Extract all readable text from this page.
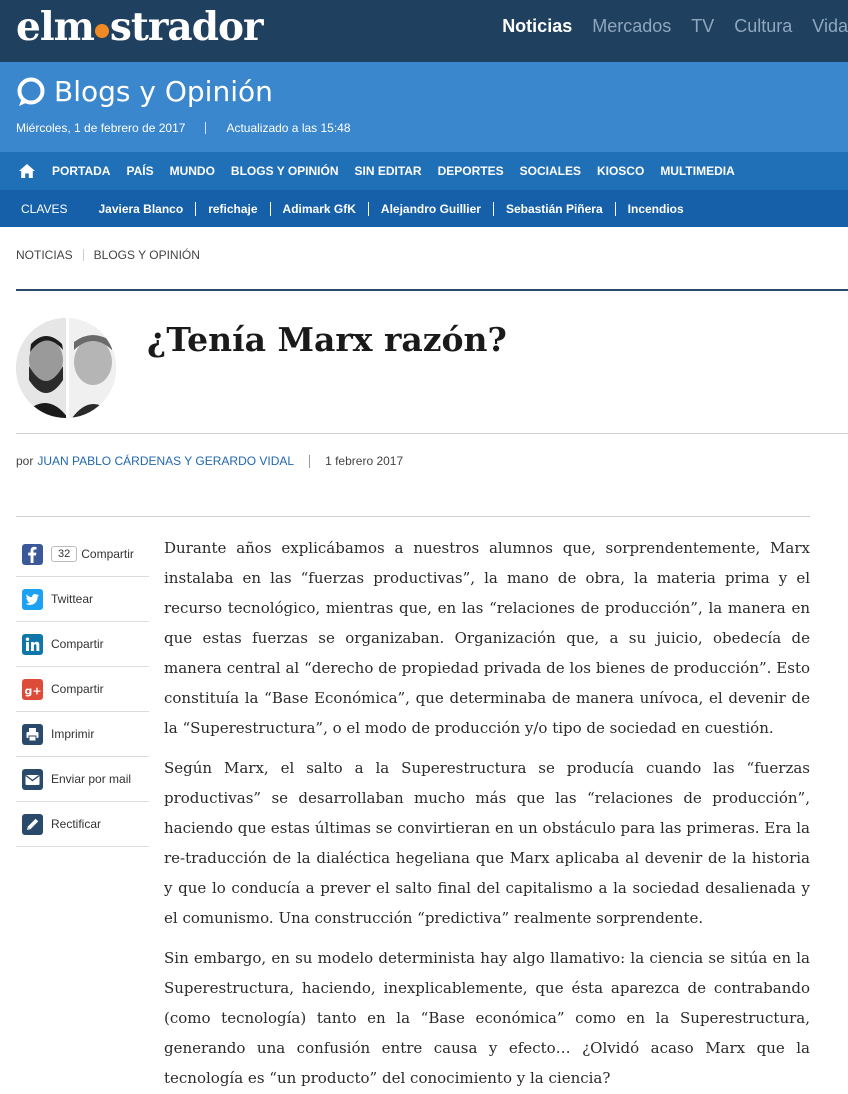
elm strador	Noticias Mercados TV Cultura Vida
Blogs y Opinión
Miércoles, 1 de febrero de 2017	Actualizado a las 15:48
PORTADA PAÍS MUNDO BLOGS Y OPINIÓN SIN EDITAR DEPORTES SOCIALES KIOSCO MULTIMEDIA
CLAVES	Javiera Blanco	refichaje	Adimark GfK	Alejandro Guillier	Sebastián Piñera	Incendios
NOTICIAS BLOGS Y OPINIÓN
¿Tenía Marx razón?
por JUAN PABLO CÁRDENAS Y GERARDO VIDAL	1 febrero 2017
32 Compartir
Twittear
Compartir
g+ Compartir
Imprimir
Enviar por mail
Rectificar

Durante años explicábamos a nuestros alumnos que, sorprendentemente, Marx instalaba en las “fuerzas productivas”, la mano de obra, la materia prima y el recurso tecnológico, mientras que, en las “relaciones de producción”, la manera en que estas fuerzas se organizaban. Organización que, a su juicio, obedecía de manera central al “derecho de propiedad privada de los bienes de producción”. Esto constituía la “Base Económica”, que determinaba de manera unívoca, el devenir de la “Superestructura”, o el modo de producción y/o tipo de sociedad en cuestión.

Según Marx, el salto a la Superestructura se producía cuando las “fuerzas productivas” se desarrollaban mucho más que las “relaciones de producción”, haciendo que estas últimas se convirtieran en un obstáculo para las primeras. Era la re-traducción de la dialéctica hegeliana que Marx aplicaba al devenir de la historia y que lo conducía a prever el salto final del capitalismo a la sociedad desalienada y el comunismo. Una construcción “predictiva” realmente sorprendente.

Sin embargo, en su modelo determinista hay algo llamativo: la ciencia se sitúa en la Superestructura, haciendo, inexplicablemente, que ésta aparezca de contrabando (como tecnología) tanto en la “Base económica” como en la Superestructura, generando una confusión entre causa y efecto… ¿Olvidó acaso Marx que la tecnología es “un producto” del conocimiento y la ciencia?
